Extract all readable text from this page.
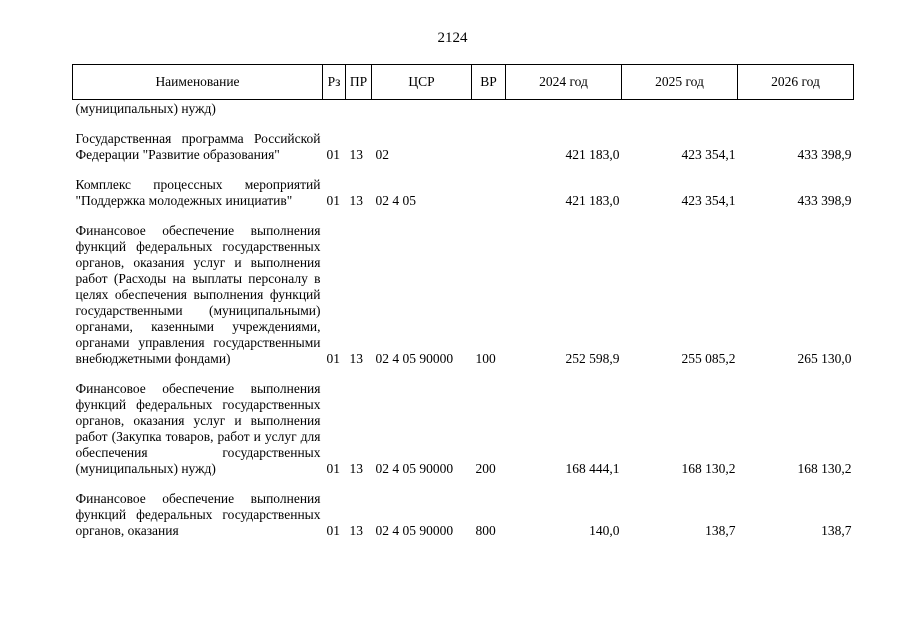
2124
Наименование	Рз	ПР	ЦСР	ВР	2024 год	2025 год	2026 год
(муниципальных) нужд)							
Государственная программа Российской Федерации "Развитие образования"	01	13	02		421 183,0	423 354,1	433 398,9
Комплекс процессных мероприятий "Поддержка молодежных инициатив"	01	13	02 4 05		421 183,0	423 354,1	433 398,9
Финансовое обеспечение выполнения функций федеральных государственных органов, оказания услуг и выполнения работ (Расходы на выплаты персоналу в целях обеспечения выполнения функций государственными (муниципальными) органами, казенными учреждениями, органами управления государственными внебюджетными фондами)	01	13	02 4 05 90000	100	252 598,9	255 085,2	265 130,0
Финансовое обеспечение выполнения функций федеральных государственных органов, оказания услуг и выполнения работ (Закупка товаров, работ и услуг для обеспечения государственных (муниципальных) нужд)	01	13	02 4 05 90000	200	168 444,1	168 130,2	168 130,2
Финансовое обеспечение выполнения функций федеральных государственных органов, оказания	01	13	02 4 05 90000	800	140,0	138,7	138,7
